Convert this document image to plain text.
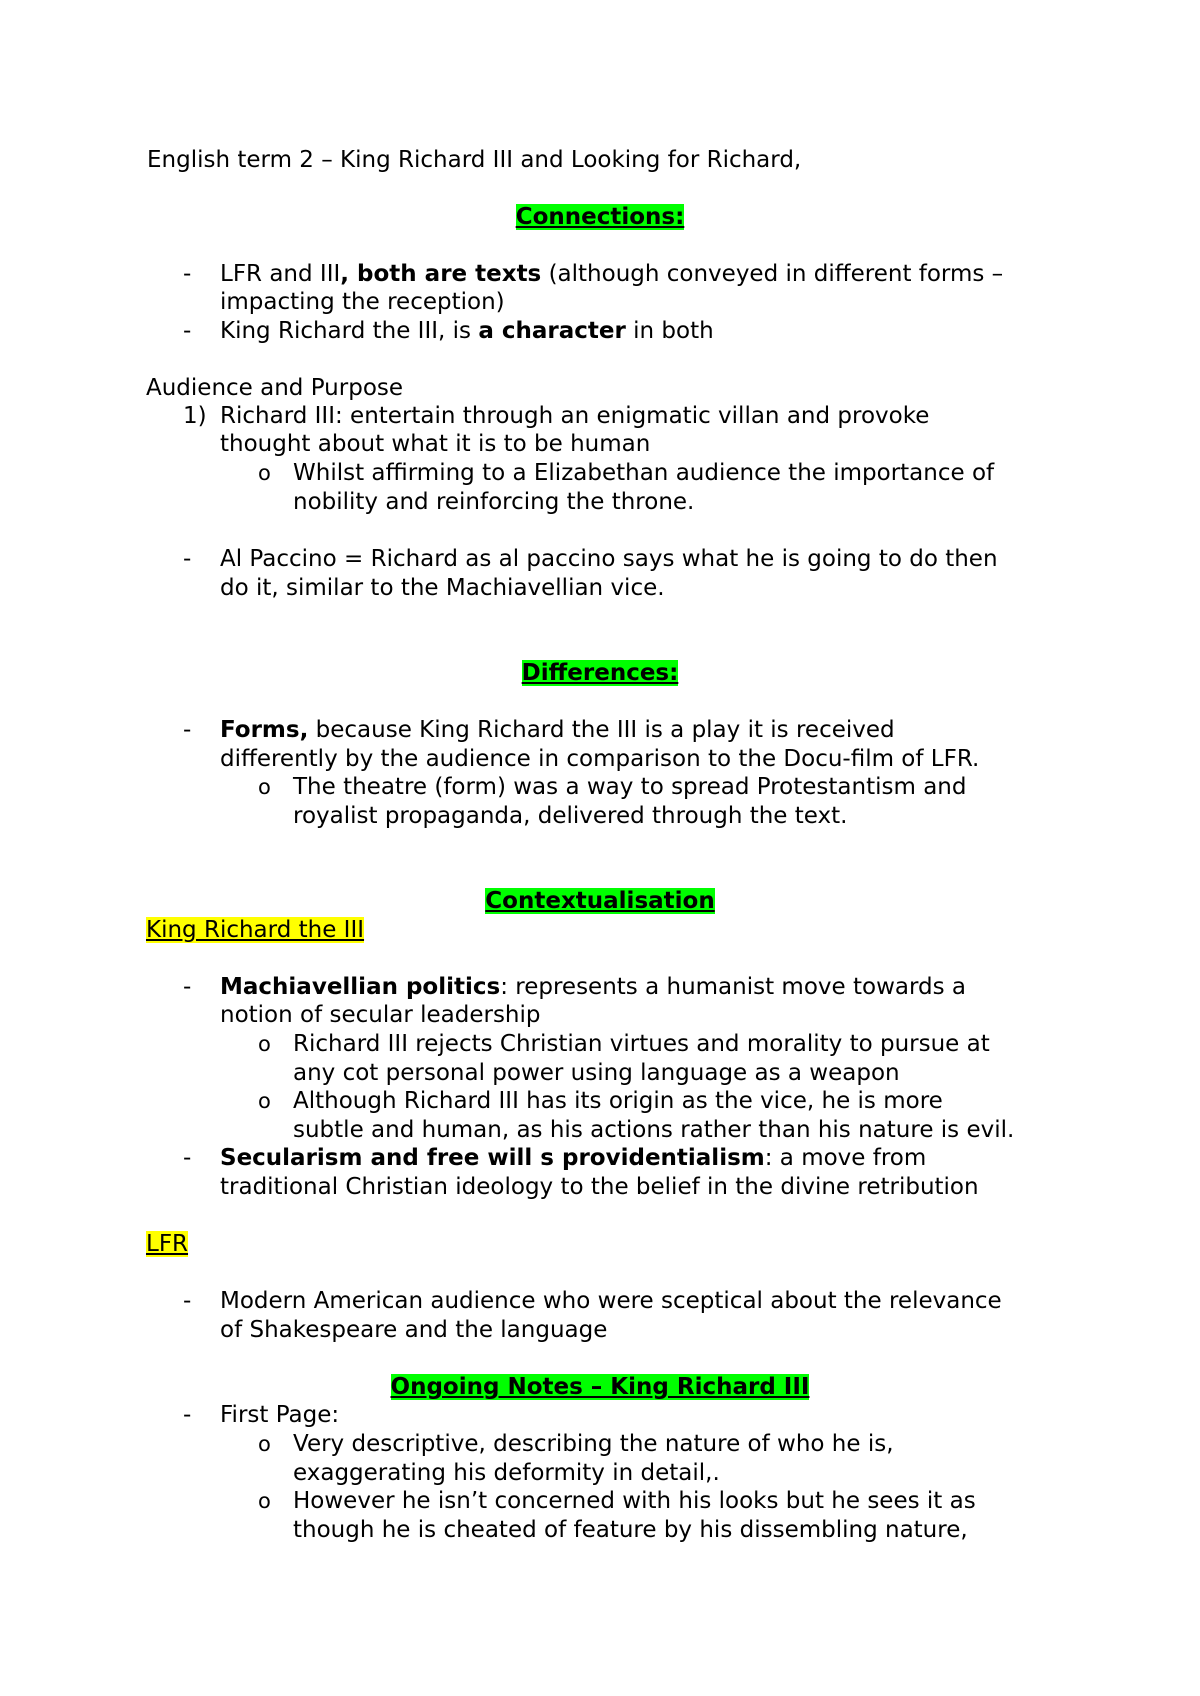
English term 2 – King Richard III and Looking for Richard,
Connections:
- LFR and III, both are texts (although conveyed in different forms –
impacting the reception)
- King Richard the III, is a character in both
Audience and Purpose
1) Richard III: entertain through an enigmatic villan and provoke
thought about what it is to be human
o Whilst affirming to a Elizabethan audience the importance of
nobility and reinforcing the throne.
- Al Paccino = Richard as al paccino says what he is going to do then
do it, similar to the Machiavellian vice.
Differences:
- Forms, because King Richard the III is a play it is received
differently by the audience in comparison to the Docu-film of LFR.
o The theatre (form) was a way to spread Protestantism and
royalist propaganda, delivered through the text.
Contextualisation
King Richard the III
- Machiavellian politics: represents a humanist move towards a
notion of secular leadership
o Richard III rejects Christian virtues and morality to pursue at
any cot personal power using language as a weapon
o Although Richard III has its origin as the vice, he is more
subtle and human, as his actions rather than his nature is evil.
- Secularism and free will s providentialism: a move from
traditional Christian ideology to the belief in the divine retribution
LFR
- Modern American audience who were sceptical about the relevance
of Shakespeare and the language
Ongoing Notes – King Richard III
- First Page:
o Very descriptive, describing the nature of who he is,
exaggerating his deformity in detail,.
o However he isn’t concerned with his looks but he sees it as
though he is cheated of feature by his dissembling nature,
